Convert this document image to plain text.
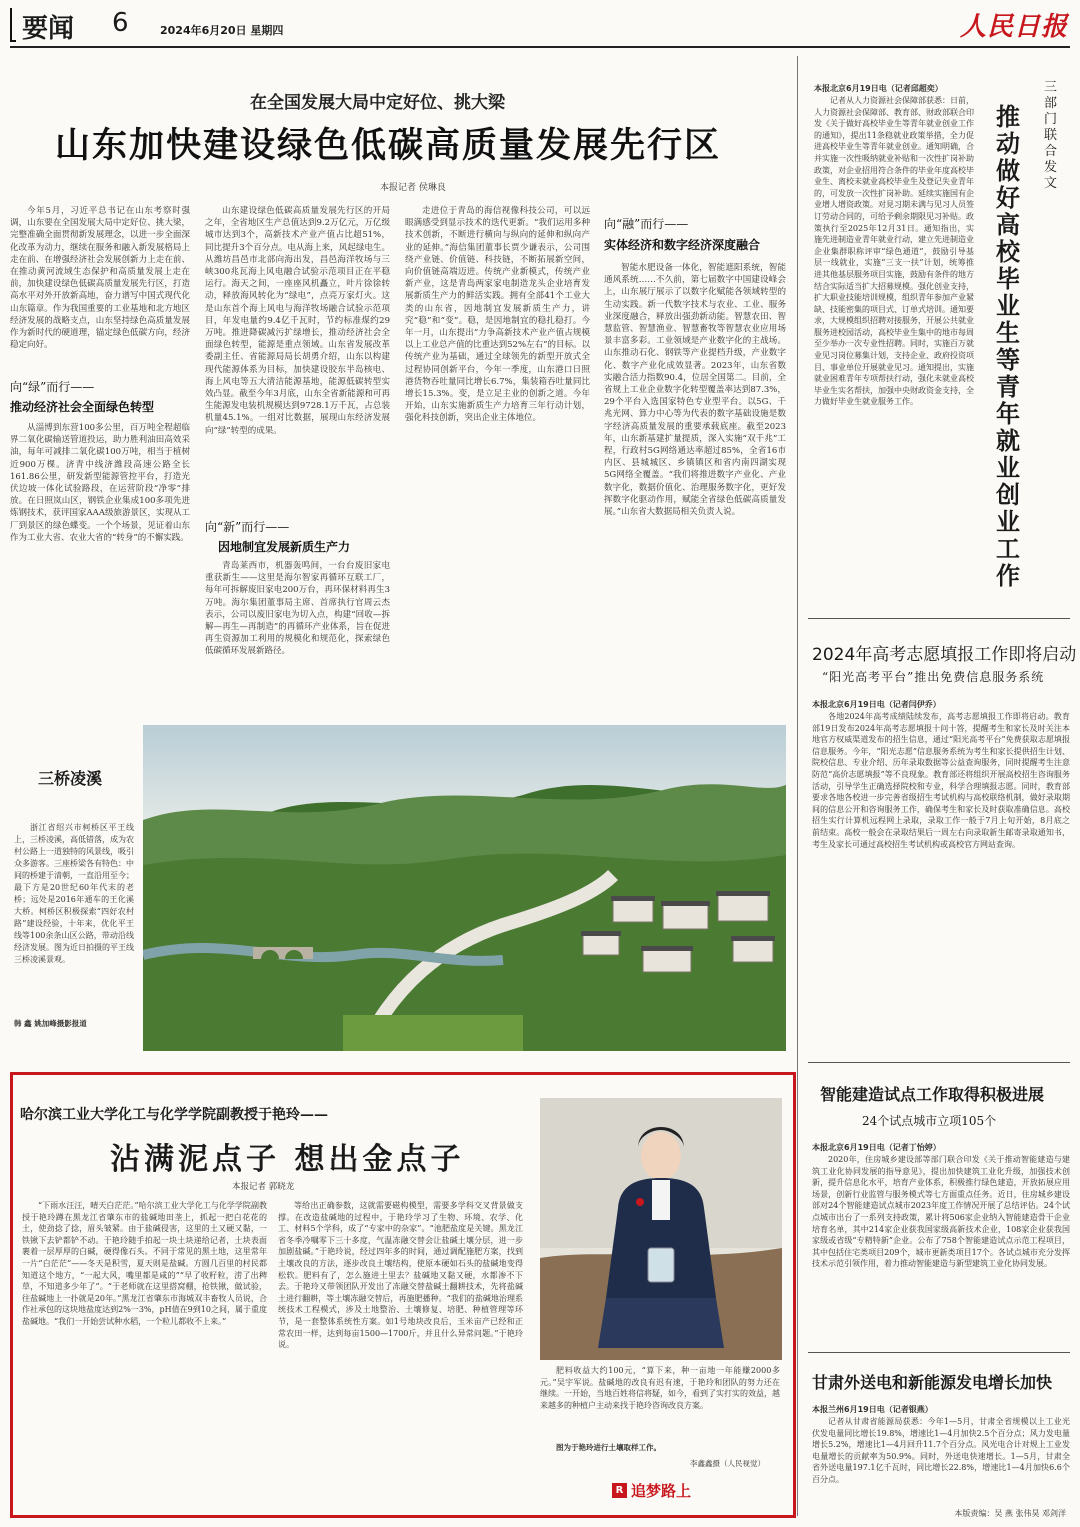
要闻 6	2024年6月20日 星期四	人民日报
在全国发展大局中定好位、挑大梁
山东加快建设绿色低碳高质量发展先行区
本报记者 侯琳良

今年5月，习近平总书记在山东考察时强调，山东要在全国发展大局中定好位、挑大梁，完整准确全面贯彻新发展理念，以进一步全面深化改革为动力，继续在服务和融入新发展格局上走在前、在增强经济社会发展创新力上走在前、在推动黄河流域生态保护和高质量发展上走在前，加快建设绿色低碳高质量发展先行区，打造高水平对外开放新高地，奋力谱写中国式现代化山东篇章。作为我国重要的工业基地和北方地区经济发展的战略支点，山东坚持绿色高质量发展作为新时代的硬道理，锚定绿色低碳方向，经济稳定向好。

向“绿”而行——
推动经济社会全面绿色转型

从淄博到东营100多公里，百万吨全程超临界二氧化碳输送管道投运，助力胜利油田高效采油，每年可减排二氧化碳100万吨，相当于植树近900万棵。济青中线济潍段高速公路全长161.86公里，研发新型能源管控平台，打造光伏边坡一体化试验路段，在运营阶段“净零”排放。在日照岚山区，钢铁企业集成100多项先进炼钢技术，获评国家AAA级旅游景区，实现从工厂到景区的绿色蝶变。一个个场景，见证着山东作为工业大省、农业大省的“转身”的不懈实践。

山东建设绿色低碳高质量发展先行区的开局之年，全省地区生产总值达到9.2万亿元，万亿级城市达到3个，高新技术产业产值占比超51%，同比提升3个百分点。电从海上来，风起绿电生。从潍坊昌邑市北部向海出发，昌邑海洋牧场与三峡300兆瓦海上风电融合试验示范项目正在平稳运行。海天之间，一座座风机矗立，叶片徐徐转动，释放海风转化为“绿电”，点亮万家灯火。这是山东首个海上风电与海洋牧场融合试验示范项目，年发电量约9.4亿千瓦时，节约标准煤约29万吨。推进降碳减污扩绿增长，推动经济社会全面绿色转型，能源是重点领域。山东省发展改革委副主任、省能源局局长胡勇介绍，山东以构建现代能源体系为目标，加快建设胶东半岛核电、海上风电等五大清洁能源基地，能源低碳转型实效凸显。截至今年3月底，山东全省新能源和可再生能源发电装机规模达到9728.1万千瓦，占总装机量45.1%。一组对比数据，展现山东经济发展向“绿”转型的成果。

向“新”而行——
因地制宜发展新质生产力

青岛莱西市，机器轰鸣间，一台台废旧家电重获新生——这里是海尔智家再循环互联工厂，每年可拆解废旧家电200万台，再环保材料再生3万吨。海尔集团董事局主席、首席执行官周云杰表示，公司以废旧家电为切入点，构建“回收—拆解—再生—再制造”的再循环产业体系，旨在促进再生资源加工利用的规模化和规范化，探索绿色低碳循环发展新路径。

走进位于青岛的海信视像科技公司，可以远眼满感受到显示技术的迭代更新。“我们运用多种技术创新，不断进行横向与纵向的延伸和纵向产业的延伸。”海信集团董事长贾少谦表示，公司围绕产业链、价值链、科技链，不断拓展新空间，向价值链高端迈进。传统产业新模式，传统产业新产业，这是青岛两家家电制造龙头企业培育发展新质生产力的鲜活实践。拥有全部41个工业大类的山东省，因地制宜发展新质生产力，讲究“稳”和“变”。稳，是因地制宜的稳扎稳打。今年一月，山东提出“力争高新技术产业产值占规模以上工业总产值的比重达到52%左右”的目标。以传统产业为基础，通过全球领先的新型开放式全过程协同创新平台，今年一季度，山东港口日照港货物吞吐量同比增长6.7%，集装箱吞吐量同比增长15.3%。变，是立足主业的创新之道。今年开始，山东实施新质生产力培育三年行动计划，强化科技创新，突出企业主体地位。

向“融”而行——
实体经济和数字经济深度融合

智能水肥设备一体化，智能遮阳系统，智能通风系统……不久前，第七届数字中国建设峰会上，山东展厅展示了以数字化赋能各领域转型的生动实践。新一代数字技术与农业、工业、服务业深度融合，释放出强劲新动能。智慧农田、智慧监管、智慧渔业、智慧畜牧等智慧农业应用场景丰富多彩。工业领域是产业数字化的主战场。山东推动石化、钢铁等产业提档升级，产业数字化、数字产业化成效显著。2023年，山东省数实融合活力指数90.4，位居全国第二。目前，全省规上工业企业数字化转型覆盖率达到87.3%，29个平台入选国家特色专业型平台。以5G、千兆光网、算力中心等为代表的数字基础设施是数字经济高质量发展的重要承载底座。截至2023年，山东新基建扩量提质，深入实施“双千兆”工程，行政村5G网络通达率超过85%，全省16市内区、县城城区、乡镇镇区和省内南四湖实现5G网络全覆盖。“我们将推进数字产业化、产业数字化，数据价值化、治理服务数字化，更好发挥数字化驱动作用，赋能全省绿色低碳高质量发展。”山东省大数据局相关负责人说。

三桥凌溪

浙江省绍兴市柯桥区平王线上，三桥凌溪，高低错落，成为农村公路上一道独特的风景线，吸引众多游客。三座桥梁各有特色：中间的桥建于清朝，一直沿用至今；最下方是20世纪60年代末的老桥；远处是2016年通车的王化溪大桥。柯桥区积极探索“四好农村路”建设经验，十年来，优化平王线等100余条山区公路，带动沿线经济发展。图为近日拍摄的平王线三桥凌溪景观。

韩 鑫 姚加峰摄影报道
本报北京6月19日电（记者邱超奕）

记者从人力资源社会保障部获悉：日前，人力资源社会保障部、教育部、财政部联合印发《关于做好高校毕业生等青年就业创业工作的通知》，提出11条稳就业政策举措，全力促进高校毕业生等青年就业创业。通知明确，合并实施一次性吸纳就业补贴和一次性扩岗补助政策，对企业招用符合条件的毕业年度高校毕业生、离校未就业高校毕业生及登记失业青年的，可发放一次性扩岗补助。延续实施国有企业增人增资政策。对見习期未满与见习人员签订劳动合同的，可给予剩余期限见习补贴。政策执行至2025年12月31日。通知指出，实施先进制造业青年就业行动，建立先进制造业企业集群职称评审“绿色通道”，鼓励引导基层一线就业，实施“三支一扶”计划，统筹推进其他基层服务项目实施，鼓励有条件的地方结合实际适当扩大招募规模。强化创业支持，扩大职业技能培训规模，组织青年参加产业紧缺、技能密集的项目式、订单式培训。通知要求，大规模组织招聘对接服务，开展公共就业服务进校园活动，高校毕业生集中的地市每周至少举办一次专业性招聘。同时，实施百万就业见习岗位募集计划，支持企业、政府投资项目、事业单位开展就业见习。通知提出，实施就业困难青年专项帮扶行动，强化未就业高校毕业生实名帮扶，加强中央财政资金支持，全力做好毕业生就业服务工作。

三部门联合发文
推动做好高校毕业生等青年就业创业工作
2024年高考志愿填报工作即将启动
“阳光高考平台”推出免费信息服务系统
本报北京6月19日电（记者闫伊乔）

各地2024年高考成绩陆续发布，高考志愿填报工作即将启动。教育部19日发布2024年高考志愿填报十问十答，提醒考生和家长及时关注本地官方权威渠道发布的招生信息，通过“阳光高考平台”免费获取志愿填报信息服务。今年，“阳光志愿”信息服务系统为考生和家长提供招生计划、院校信息、专业介绍、历年录取数据等公益查询服务，同时提醒考生注意防范“高价志愿填报”等不良现象。教育部还将组织开展高校招生咨询服务活动，引导学生正确选择院校和专业，科学合理填报志愿。同时，教育部要求各地各校进一步完善省级招生考试机构与高校联络机制，做好录取期间的信息公开和咨询服务工作，确保考生和家长及时获取准确信息。高校招生实行计算机远程网上录取，录取工作一般于7月上旬开始，8月底之前结束。高校一般会在录取结果后一周左右向录取新生邮寄录取通知书，考生及家长可通过高校招生考试机构或高校官方网站查询。

智能建造试点工作取得积极进展
24个试点城市立项105个
本报北京6月19日电（记者丁怡婷）

2020年，住房城乡建设部等部门联合印发《关于推动智能建造与建筑工业化协同发展的指导意见》，提出加快建筑工业化升级，加强技术创新，提升信息化水平，培育产业体系，积极推行绿色建造，开放拓展应用场景，创新行业监管与服务模式等七方面重点任务。近日，住房城乡建设部对24个智能建造试点城市2023年度工作情况开展了总结评估。24个试点城市出台了一系列支持政策，累计将506家企业纳入智能建造骨干企业培育名单，其中214家企业获我国家级高新技术企业，108家企业获我国家级或省级“专精特新”企业。公布了758个智能建造试点示范工程项目，其中包括住宅类项目209个，城市更新类项目17个。各试点城市充分发挥技术示范引领作用，着力推动智能建造与新型建筑工业化协同发展。

甘肃外送电和新能源发电增长加快
本报兰州6月19日电（记者银燕）

记者从甘肃省能源局获悉：今年1—5月，甘肃全省规模以上工业光伏发电量同比增长19.8%，增速比1—4月加快2.5个百分点；风力发电量增长5.2%，增速比1—4月回升11.7个百分点。风光电合计对规上工业发电量增长的贡献率为50.9%。同时，外送电快速增长。1—5月，甘肃全省外送电量197.1亿千瓦时，同比增长22.8%，增速比1—4月加快6.6个百分点。

本版责编：吴 燕 张伟昊 邓剑洋
哈尔滨工业大学化工与化学学院副教授于艳玲——
沾满泥点子 想出金点子
本报记者 郭晓龙

“下雨水汪汪，晴天白茫茫。”哈尔滨工业大学化工与化学学院副教授于艳玲蹲在黑龙江省肇东市的盐碱地田垄上，抓起一把白花花的土，使劲捻了捻，眉头皱紧。由于盐碱侵害，这里的土又硬又黏，一铁锹下去铲都铲不动。于艳玲随手拍起一块土块递给记者，土块表面裹着一层厚厚的白碱，硬得像石头。不同于常见的黑土地，这里常年一片“白茫茫”——冬天是积雪，夏天则是盐碱。方圆几百里的村民都知道这个地方，“一起大风，嘴里都是咸的”“早了收籽粒，涝了出稗草，不知道多少年了”。“于老师就在这里搭窝棚，抢铁锹，做试验，往盐碱地上一扑就是20年。”黑龙江省肇东市海城双丰畜牧人员说，合作社承包的这块地盐度达到2%一3%，pH值在9到10之间，属于重度盐碱地。“我们一开始尝试种水稻，一个粒儿都收不上来。”

等给出正确参数，这就需要磁构模型，需要多学科交叉背景做支撑。在改造盐碱地的过程中，于艳玲学习了生物、环境、农学、化工、材料5个学科，成了“专家中的杂家”。“池肥盐度是关键。黑龙江省冬季冷嘱零下三十多度，气温冻融交替会让盐碱土壤分层，进一步加剧盐碱。”于艳玲说，经过四年多的时间，通过调配施肥方案，找到土壤改良的方法，逐步改良土壤结构，使原本硬如石头的盐碱地变得松软。肥料有了，怎么施进土里去？盐碱地又黏又硬，水都渗不下去。于艳玲又带领团队开发出了冻融交替盐碱土翻耕技术，先将盐碱土进行翻耕，等土壤冻融交替后，再施肥播种。“我们的盐碱地治理系统技术工程模式，涉及土地整治、土壤修复、培肥、种植管理等环节，是一套整体系统性方案。如1号地块改良后，玉米亩产已经和正常农田一样，达到每亩1500—1700斤，并且什么异常问题。”于艳玲说。

肥料收益大约100元，“算下来，种一亩地一年能赚2000多元。”吴宇军说。盐碱地的改良有迟有速，于艳玲和团队的努力还在继续。一开始，当地百姓将信将疑，如今，看到了实打实的效益，越来越多的种植户主动来找于艳玲咨询改良方案。

图为于艳玲进行土壤取样工作。
李鑫鑫摄（人民视觉）
R 追梦路上
